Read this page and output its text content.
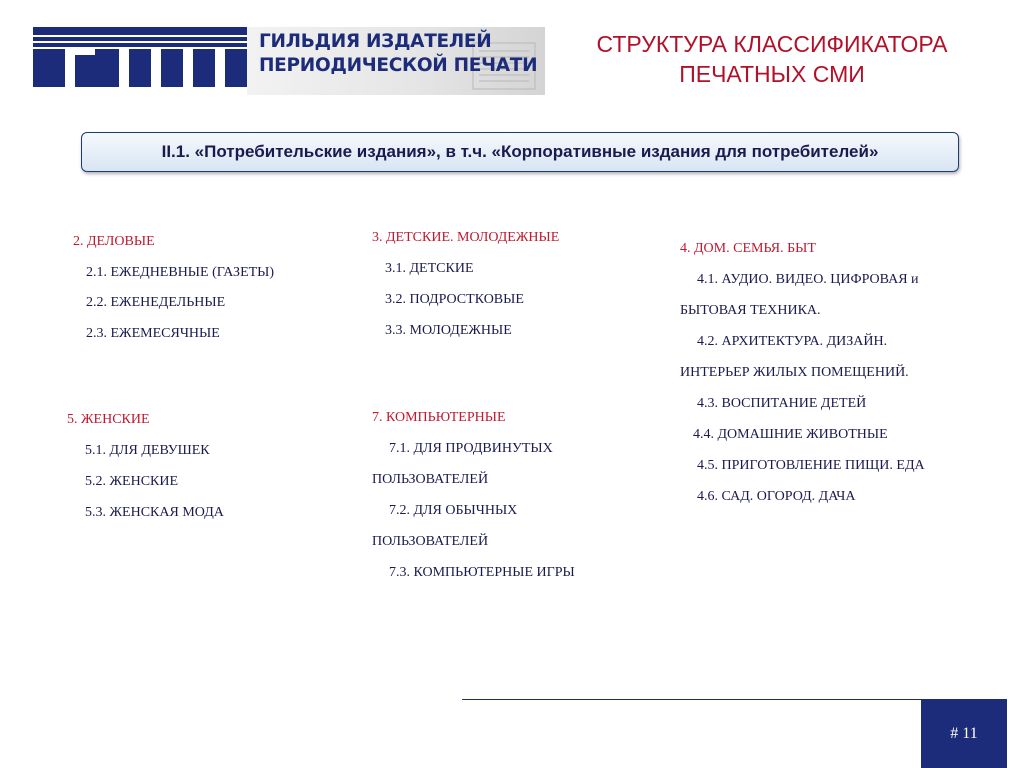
ГИЛЬДИЯ ИЗДАТЕЛЕЙ
ПЕРИОДИЧЕСКОЙ ПЕЧАТИ
СТРУКТУРА КЛАССИФИКАТОРА
ПЕЧАТНЫХ СМИ
II.1. «Потребительские издания», в т.ч. «Корпоративные издания для потребителей»
2. ДЕЛОВЫЕ
2.1. ЕЖЕДНЕВНЫЕ (ГАЗЕТЫ)
2.2. ЕЖЕНЕДЕЛЬНЫЕ
2.3. ЕЖЕМЕСЯЧНЫЕ
3. ДЕТСКИЕ. МОЛОДЕЖНЫЕ
3.1. ДЕТСКИЕ
3.2. ПОДРОСТКОВЫЕ
3.3. МОЛОДЕЖНЫЕ
4. ДОМ. СЕМЬЯ. БЫТ
4.1. АУДИО. ВИДЕО. ЦИФРОВАЯ и
БЫТОВАЯ ТЕХНИКА.
4.2. АРХИТЕКТУРА. ДИЗАЙН.
ИНТЕРЬЕР ЖИЛЫХ ПОМЕЩЕНИЙ.
4.3. ВОСПИТАНИЕ ДЕТЕЙ
4.4. ДОМАШНИЕ ЖИВОТНЫЕ
4.5. ПРИГОТОВЛЕНИЕ ПИЩИ. ЕДА
4.6. САД. ОГОРОД. ДАЧА
5. ЖЕНСКИЕ
5.1. ДЛЯ ДЕВУШЕК
5.2. ЖЕНСКИЕ
5.3. ЖЕНСКАЯ МОДА
7. КОМПЬЮТЕРНЫЕ
7.1. ДЛЯ ПРОДВИНУТЫХ
ПОЛЬЗОВАТЕЛЕЙ
7.2. ДЛЯ ОБЫЧНЫХ
ПОЛЬЗОВАТЕЛЕЙ
7.3. КОМПЬЮТЕРНЫЕ ИГРЫ
# 11
